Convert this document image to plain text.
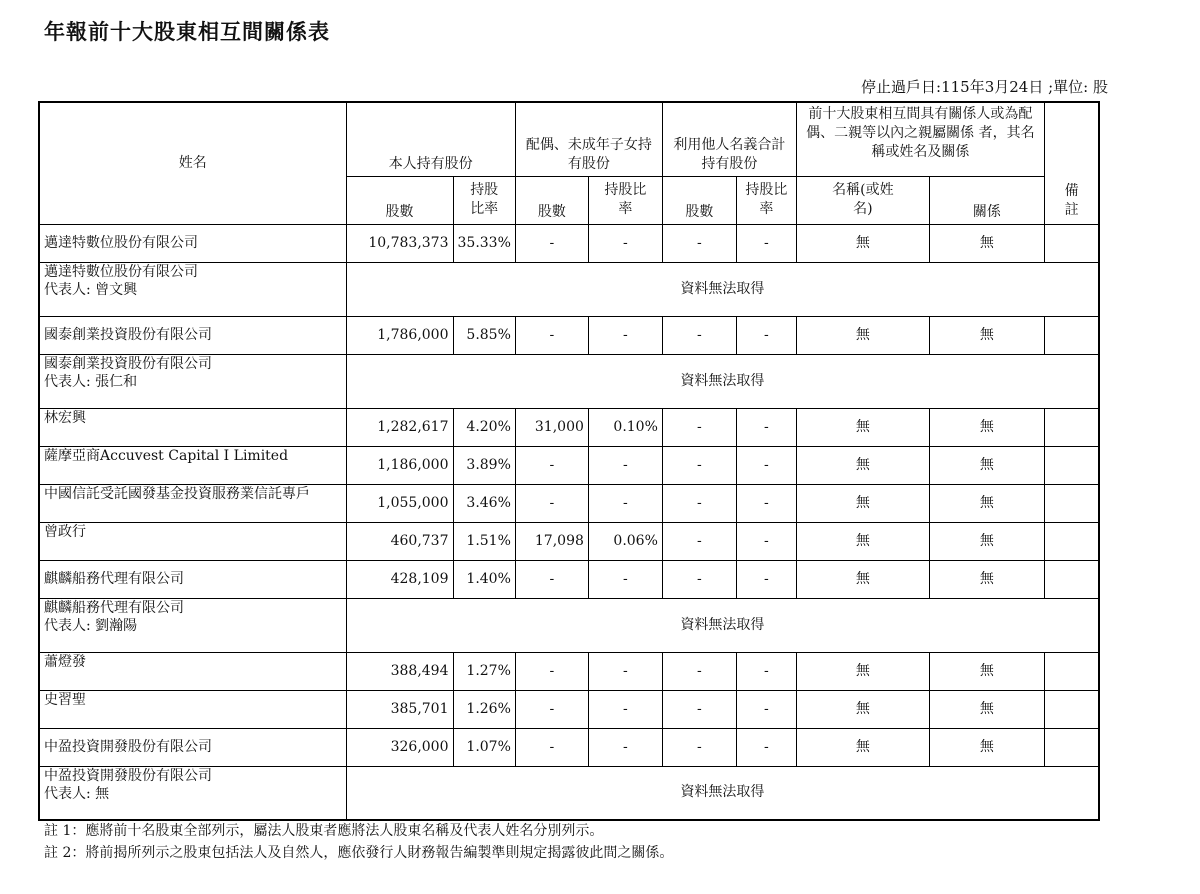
年報前十大股東相互間關係表
停止過戶日:115年3月24日 ;單位: 股
姓名	本人持有股份		配偶、未成年子女持有股份		利用他人名義合計持有股份		前十大股東相互間具有關係人或為配偶、二親等以內之親屬關係 者，其名稱或姓名及關係		備註
	股數	持股比率	股數	持股比率	股數	持股比率	名稱(或姓名)	關係	
邁達特數位股份有限公司	10,783,373	35.33%	-	-	-	-	無	無	

邁達特數位股份有限公司
代表人: 曾文興	資料無法取得								
國泰創業投資股份有限公司	1,786,000	5.85%	-	-	-	-	無	無	

國泰創業投資股份有限公司
代表人: 張仁和	資料無法取得								
林宏興	1,282,617	4.20%	31,000	0.10%	-	-	無	無	
薩摩亞商Accuvest Capital I Limited	1,186,000	3.89%	-	-	-	-	無	無	
中國信託受託國發基金投資服務業信託專戶	1,055,000	3.46%	-	-	-	-	無	無	
曾政行	460,737	1.51%	17,098	0.06%	-	-	無	無	
麒麟船務代理有限公司	428,109	1.40%	-	-	-	-	無	無	

麒麟船務代理有限公司
代表人: 劉瀚陽	資料無法取得								
蕭燈發	388,494	1.27%	-	-	-	-	無	無	
史習聖	385,701	1.26%	-	-	-	-	無	無	
中盈投資開發股份有限公司	326,000	1.07%	-	-	-	-	無	無	

中盈投資開發股份有限公司
代表人: 無	資料無法取得								
註 1：應將前十名股東全部列示，屬法人股東者應將法人股東名稱及代表人姓名分別列示。
註 2：將前揭所列示之股東包括法人及自然人，應依發行人財務報告編製準則規定揭露彼此間之關係。
